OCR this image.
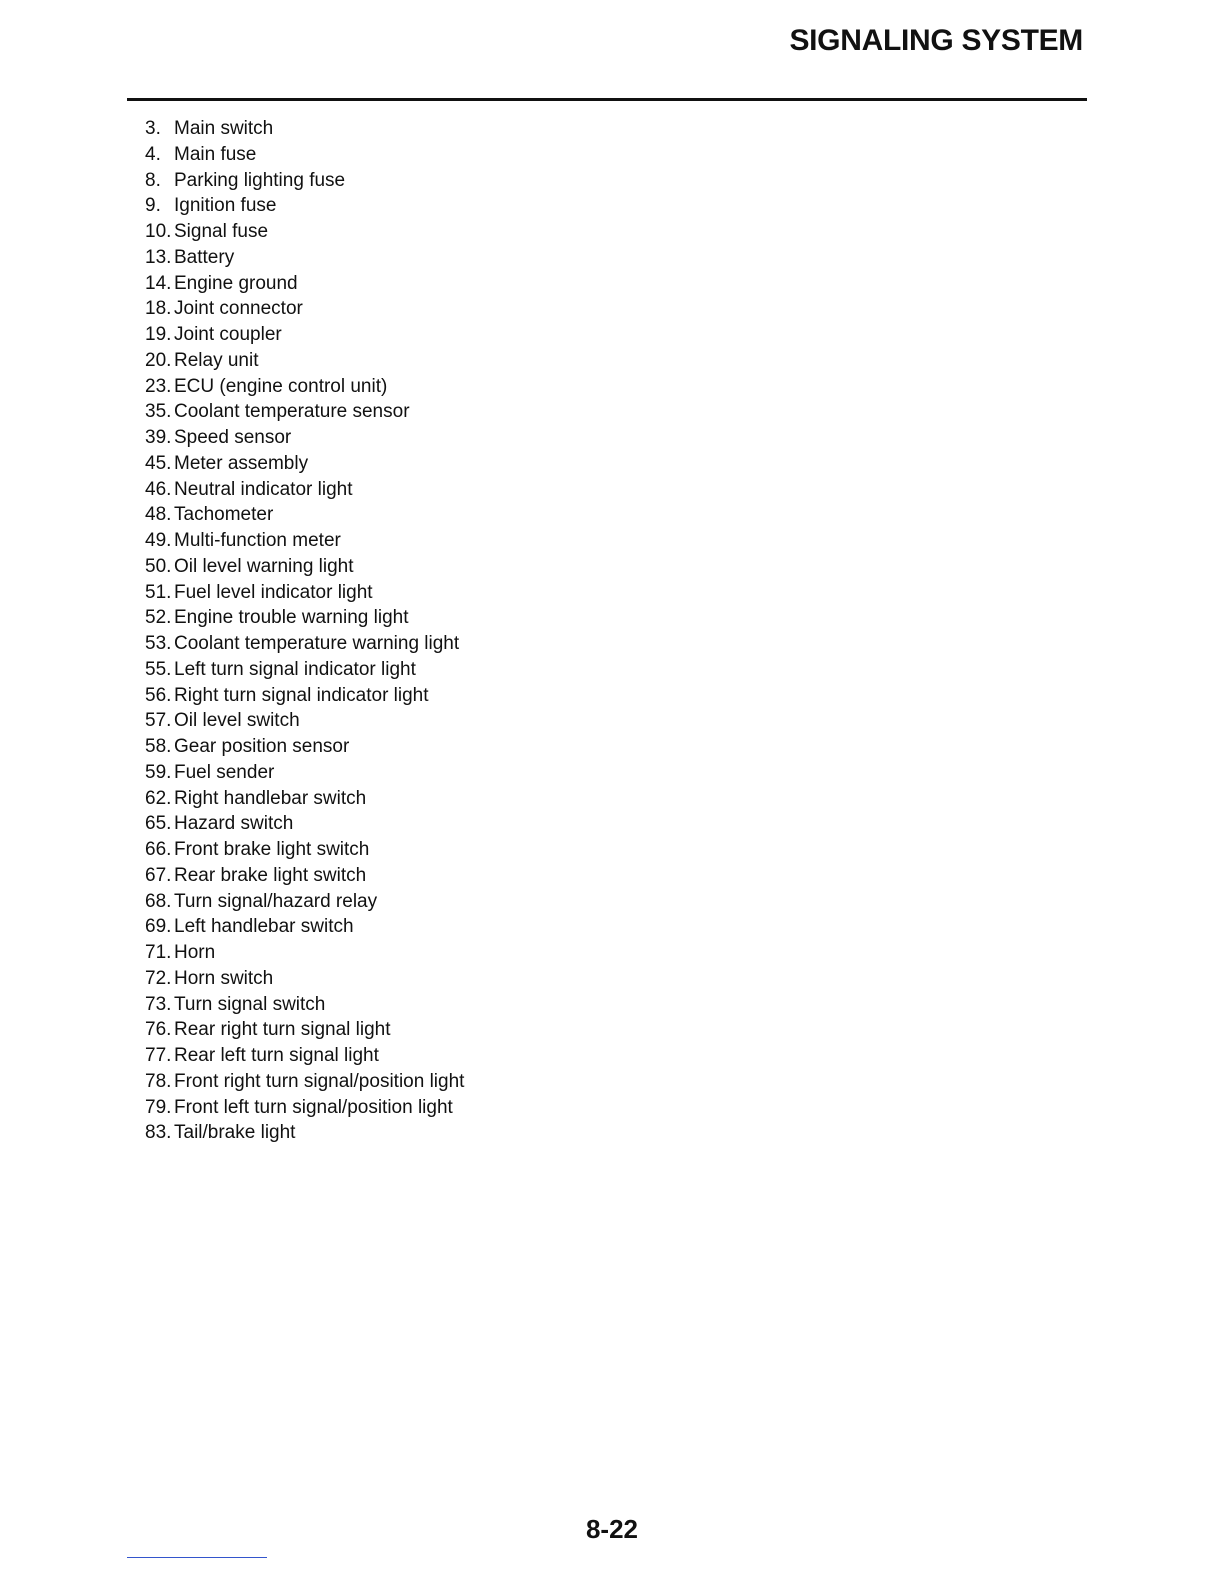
SIGNALING SYSTEM
3. Main switch
4. Main fuse
8. Parking lighting fuse
9. Ignition fuse
10. Signal fuse
13. Battery
14. Engine ground
18. Joint connector
19. Joint coupler
20. Relay unit
23. ECU (engine control unit)
35. Coolant temperature sensor
39. Speed sensor
45. Meter assembly
46. Neutral indicator light
48. Tachometer
49. Multi-function meter
50. Oil level warning light
51. Fuel level indicator light
52. Engine trouble warning light
53. Coolant temperature warning light
55. Left turn signal indicator light
56. Right turn signal indicator light
57. Oil level switch
58. Gear position sensor
59. Fuel sender
62. Right handlebar switch
65. Hazard switch
66. Front brake light switch
67. Rear brake light switch
68. Turn signal/hazard relay
69. Left handlebar switch
71. Horn
72. Horn switch
73. Turn signal switch
76. Rear right turn signal light
77. Rear left turn signal light
78. Front right turn signal/position light
79. Front left turn signal/position light
83. Tail/brake light
8-22
